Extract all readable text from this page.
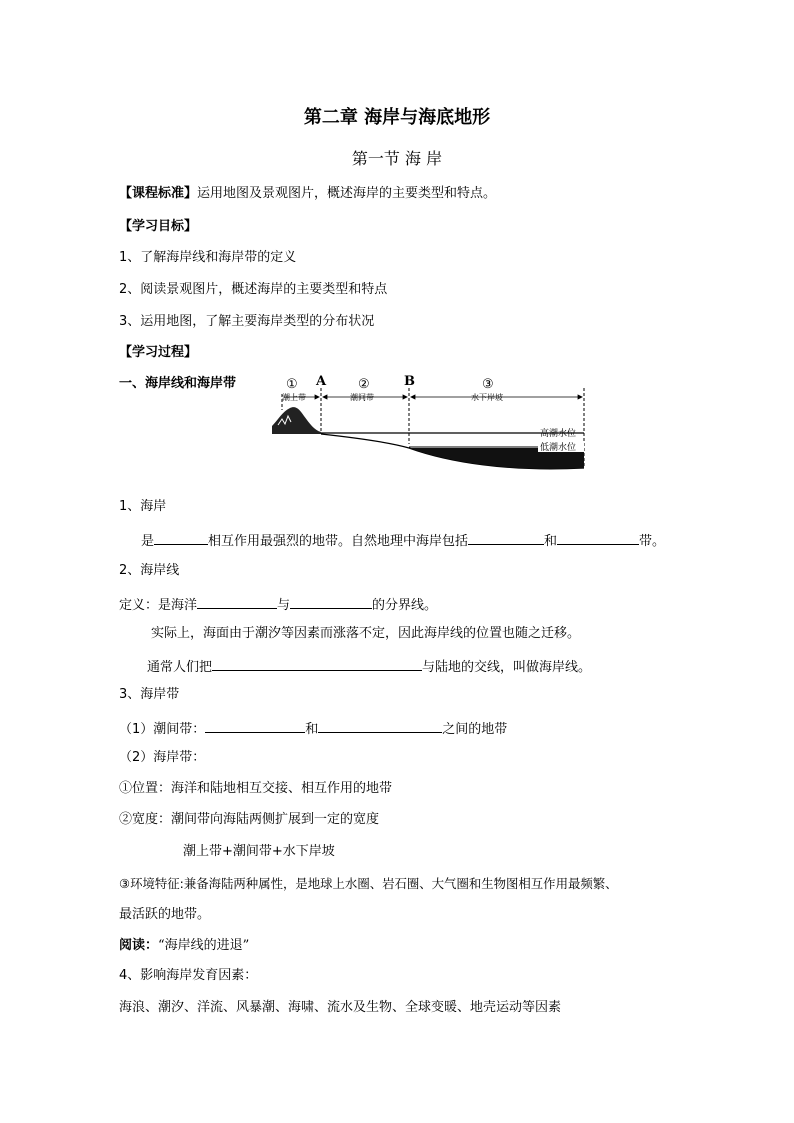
第二章 海岸与海底地形
第一节 海 岸
【课程标准】运用地图及景观图片，概述海岸的主要类型和特点。
【学习目标】
1、了解海岸线和海岸带的定义
2、阅读景观图片，概述海岸的主要类型和特点
3、运用地图，了解主要海岸类型的分布状况
【学习过程】
一、海岸线和海岸带	① A ②	B	③
潮上带	潮间带	水下岸坡
高潮水位
低潮水位
1、海岸
是	相互作用最强烈的地带。自然地理中海岸包括	和	带。
2、海岸线
定义：是海洋	与	的分界线。
实际上，海面由于潮汐等因素而涨落不定，因此海岸线的位置也随之迁移。
通常人们把	与陆地的交线，叫做海岸线。
3、海岸带
（1）潮间带：	和	之间的地带
（2）海岸带：
①位置：海洋和陆地相互交接、相互作用的地带
②宽度：潮间带向海陆两侧扩展到一定的宽度
潮上带+潮间带+水下岸坡
③环境特征:兼备海陆两种属性，是地球上水圈、岩石圈、大气圈和生物图相互作用最频繁、
最活跃的地带。
阅读：“海岸线的进退”
4、影响海岸发育因素：
海浪、潮汐、洋流、风暴潮、海啸、流水及生物、全球变暖、地壳运动等因素
